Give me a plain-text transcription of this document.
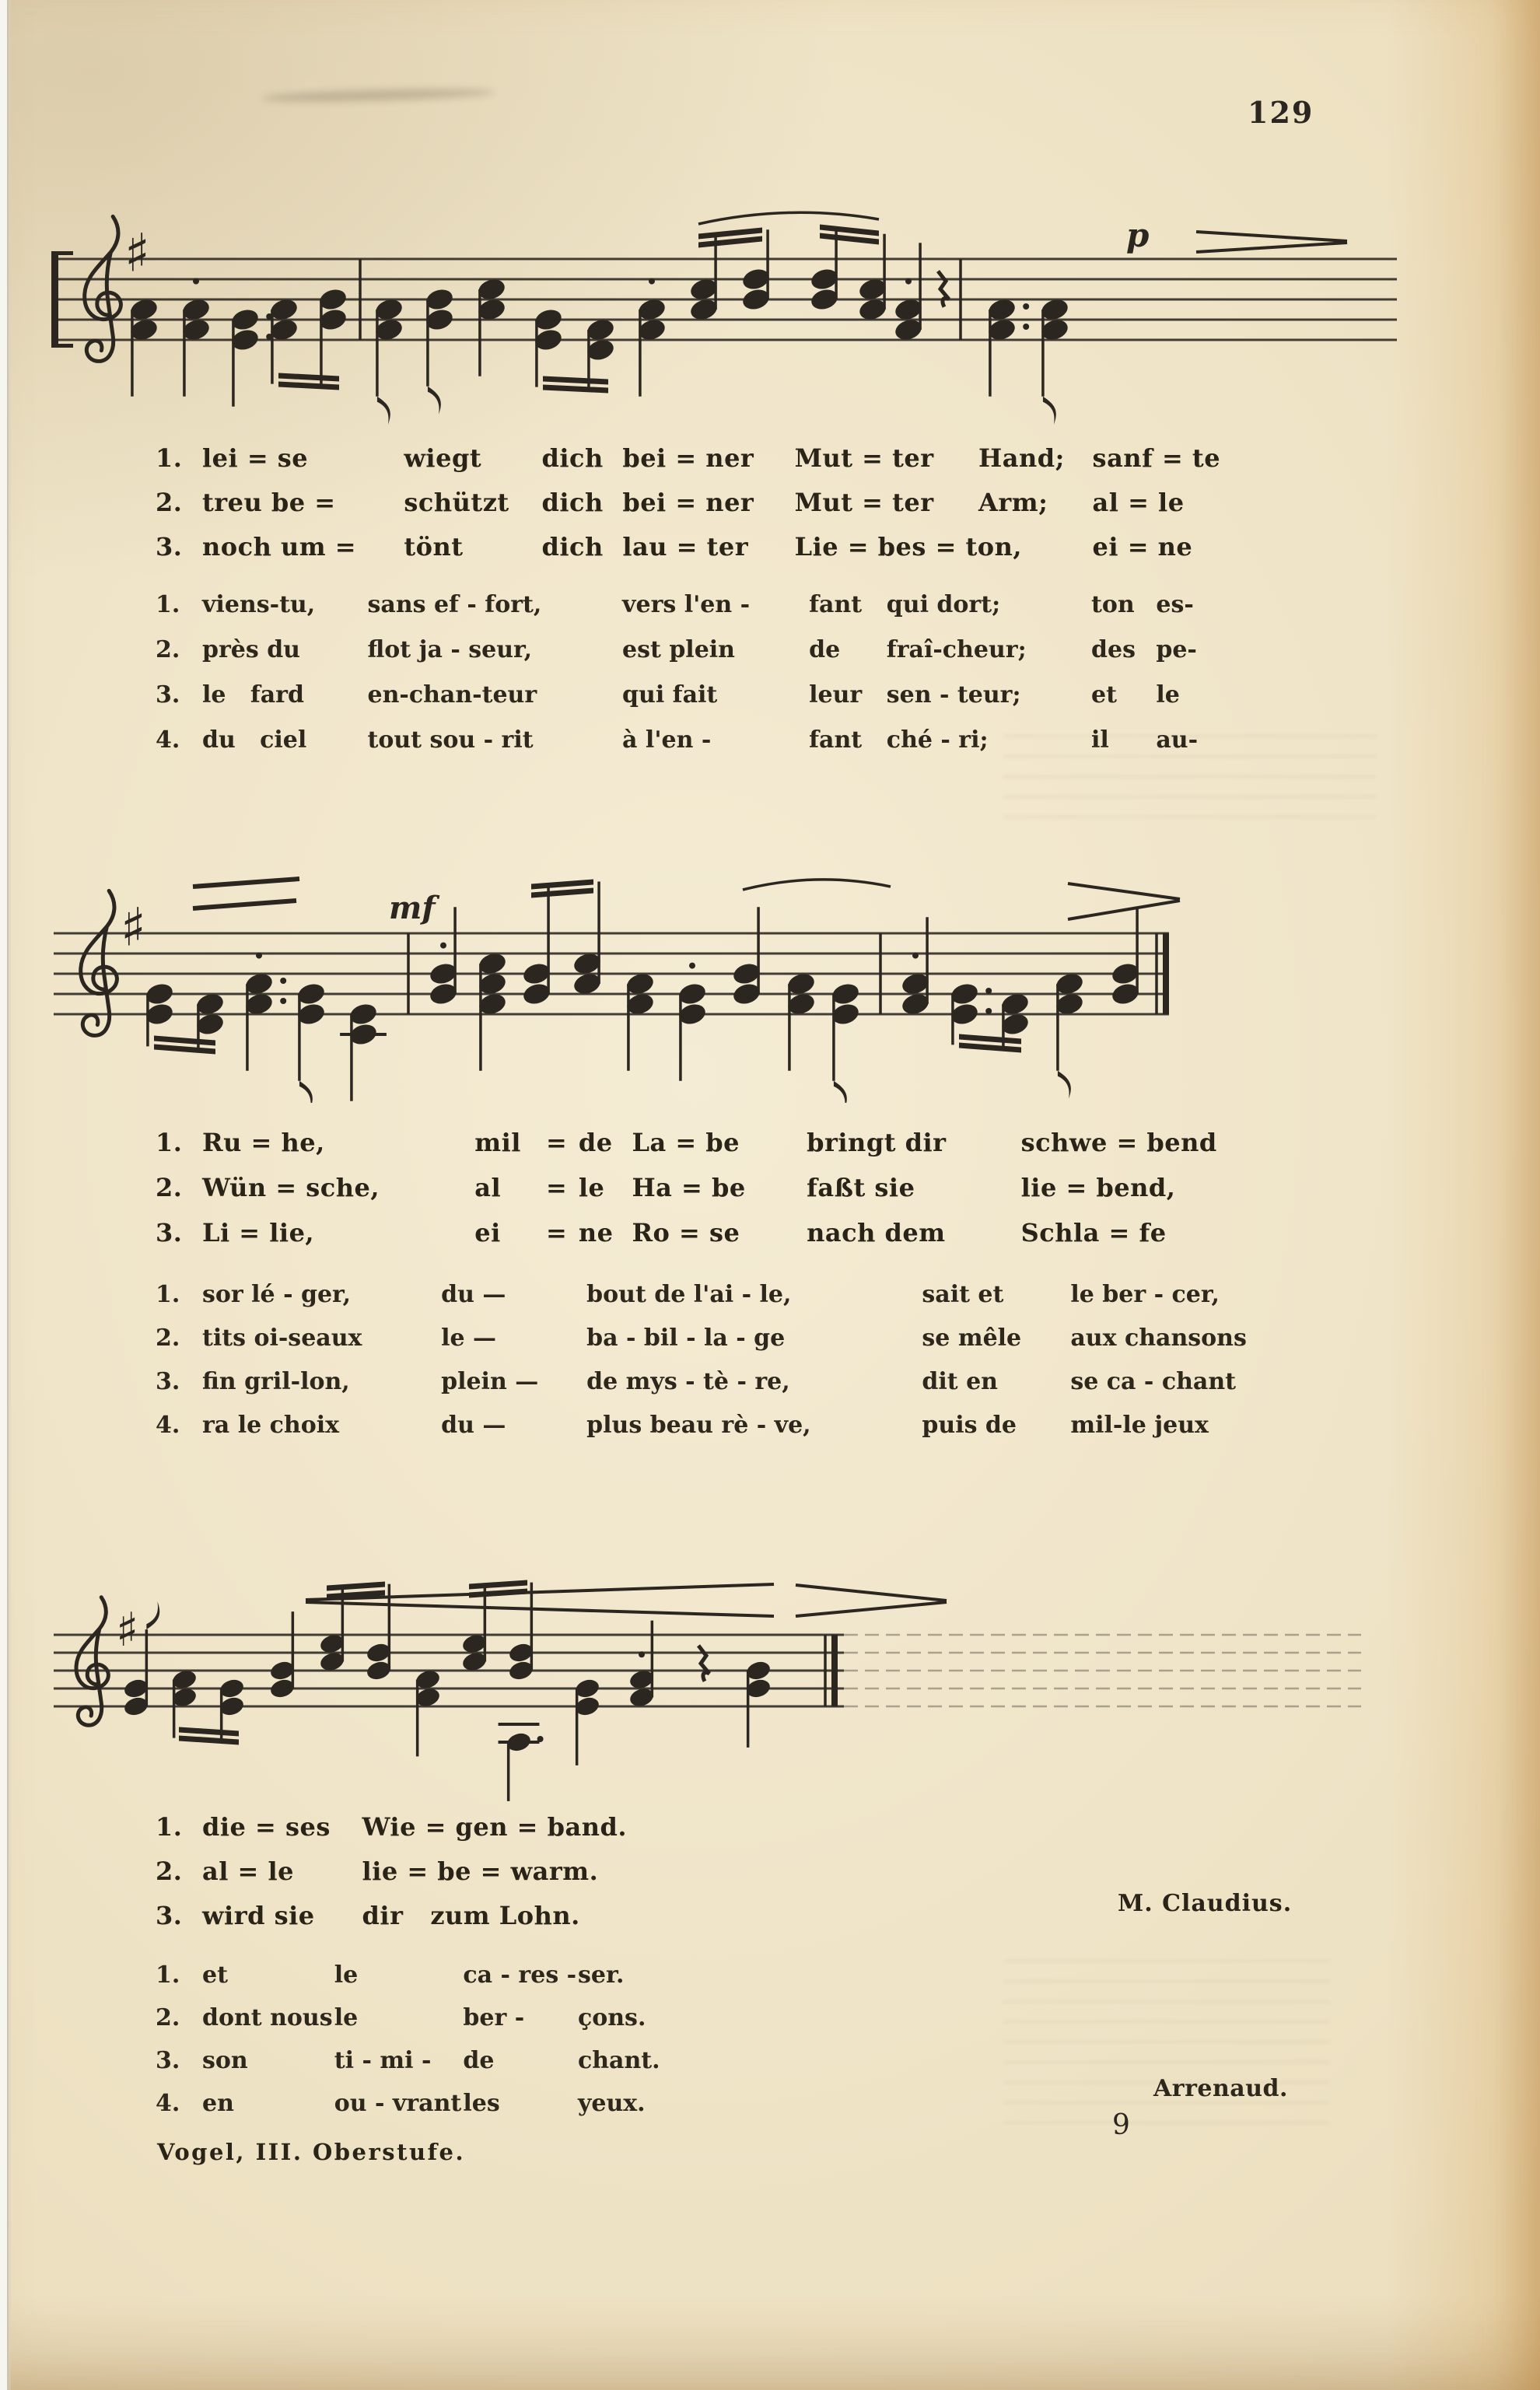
129
♯	p
♯	mf
♯
1.	lei = se	wiegt	dich	bei = ner	Mut = ter	Hand;	sanf = te
2.	treu be =	schützt	dich	bei = ner	Mut = ter	Arm;	al = le
3.	noch um =	tönt	dich	lau = ter	Lie = bes = ton,		ei = ne
1.	viens-tu,	sans ef - fort,	vers l'en -	fant	qui dort;	ton	es-
2.	près du	flot ja - seur,	est plein	de	fraî-cheur;	des	pe-
3.	le   fard	en-chan-teur	qui fait	leur	sen - teur;	et	le
4.	du   ciel	tout sou - rit	à l'en -	fant	ché - ri;	il	au-
1.	Ru = he,	mil	=	de	La = be	bringt dir	schwe = bend
2.	Wün = sche,	al	=	le	Ha = be	faßt sie	lie = bend,
3.	Li = lie,	ei	=	ne	Ro = se	nach dem	Schla = fe
1.	sor lé - ger,	du —	bout de l'ai - le,	sait et	le ber - cer,
2.	tits oi-seaux	le —	ba - bil - la - ge	se mêle	aux chansons
3.	fin gril-lon,	plein —	de mys - tè - re,	dit en	se ca - chant
4.	ra le choix	du —	plus beau rè - ve,	puis de	mil-le jeux
1.	die = ses	Wie = gen = band.
2.	al = le	lie = be = warm.
3.	wird sie	dir   zum Lohn.
1.	et	le	ca - res -	ser.
2.	dont nous	le	ber -	çons.
3.	son	ti - mi -	de	chant.
4.	en	ou - vrant	les	yeux.
M. Claudius.
Arrenaud.
9
Vogel, III. Oberstufe.
